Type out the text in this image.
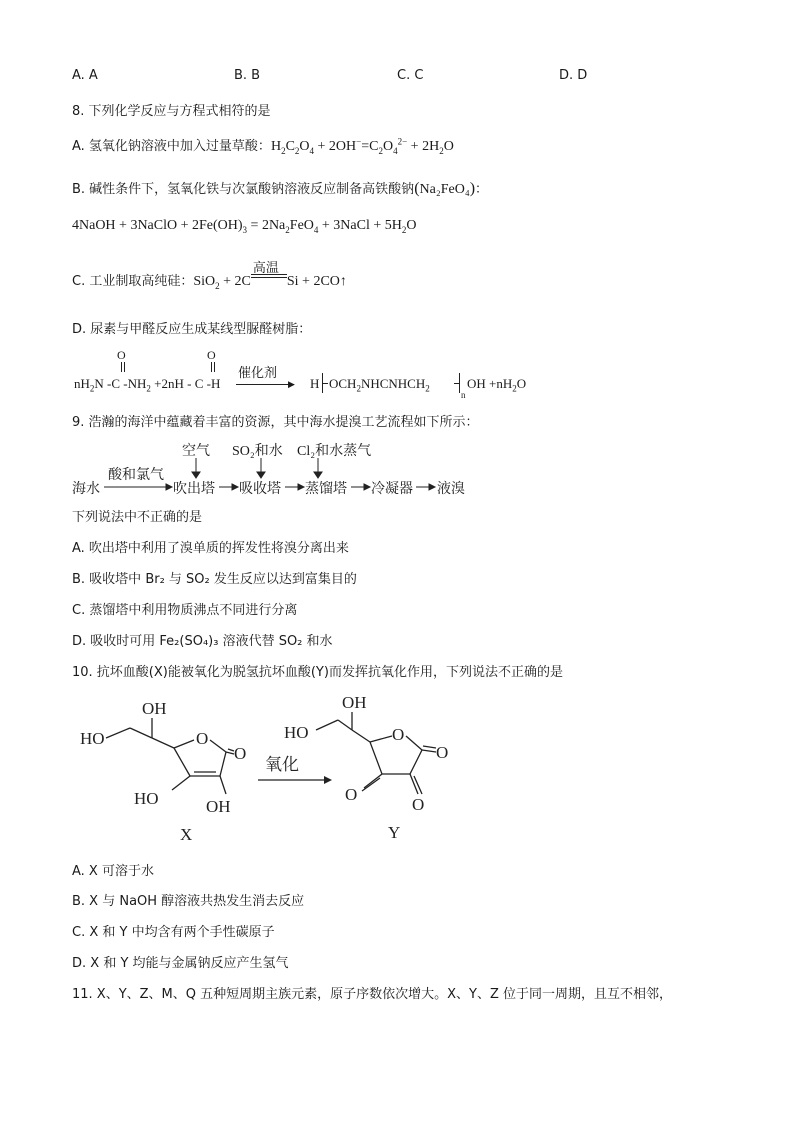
A. A	B. B	C. C	D. D
8. 下列化学反应与方程式相符的是
A. 氢氧化钠溶液中加入过量草酸：$H_2C_2O_4 + 2OH^-=C_2O_4^{2-} + 2H_2O$
B. 碱性条件下，氢氧化铁与次氯酸钠溶液反应制备高铁酸钠(Na₂FeO₄)：
4NaOH + 3NaClO + $2Fe(OH)_3 = 2Na_2FeO_4$ + 3NaCl + $5H_2O$
C. 工业制取高纯硅：SiO$_2$ + 2C
高温
Si + 2CO↑
D. 尿素与甲醛反应生成某线型脲醛树脂：
O	O
$nH_2N$ -C $-NH_2 +2nH - C$ -H
催化剂
▶ H $OCH_2NHCNHCH_2$
n
OH $+nH_2O$
9. 浩瀚的海洋中蕴藏着丰富的资源，其中海水提溴工艺流程如下所示：
空气 SO₂和水 Cl₂和水蒸气
酸和氯气
海水	吹出塔 吸收塔 蒸馏塔 冷凝器 液溴
下列说法中不正确的是
A. 吹出塔中利用了溴单质的挥发性将溴分离出来
B. 吸收塔中 Br₂ 与 SO₂ 发生反应以达到富集目的
C. 蒸馏塔中利用物质沸点不同进行分离
D. 吸收时可用 Fe₂(SO₄)₃ 溶液代替 SO₂ 和水
10. 抗坏血酸(X)能被氧化为脱氢抗坏血酸(Y)而发挥抗氧化作用，下列说法不正确的是
HO
OH
O
O
HO	OH
X
氧化
HO
OH
O
O
O
O
Y
A. X 可溶于水
B. X 与 NaOH 醇溶液共热发生消去反应
C. X 和 Y 中均含有两个手性碳原子
D. X 和 Y 均能与金属钠反应产生氢气
11. X、Y、Z、M、Q 五种短周期主族元素，原子序数依次增大。X、Y、Z 位于同一周期，且互不相邻，
